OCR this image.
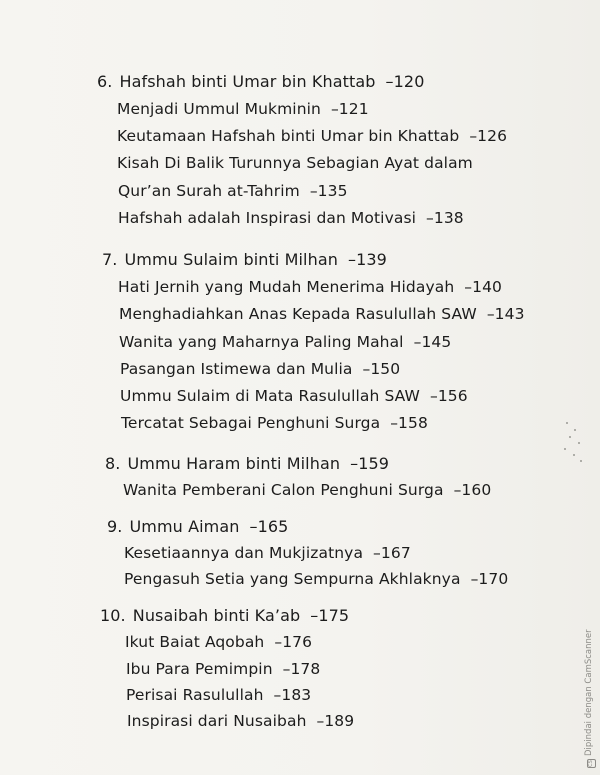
6. Hafshah binti Umar bin Khattab –120
Menjadi Ummul Mukminin –121
Keutamaan Hafshah binti Umar bin Khattab –126
Kisah Di Balik Turunnya Sebagian Ayat dalam
Qur’an Surah at-Tahrim –135
Hafshah adalah Inspirasi dan Motivasi –138
7. Ummu Sulaim binti Milhan –139
Hati Jernih yang Mudah Menerima Hidayah –140
Menghadiahkan Anas Kepada Rasulullah SAW –143
Wanita yang Maharnya Paling Mahal –145
Pasangan Istimewa dan Mulia –150
Ummu Sulaim di Mata Rasulullah SAW –156
Tercatat Sebagai Penghuni Surga –158
8. Ummu Haram binti Milhan –159
Wanita Pemberani Calon Penghuni Surga –160
9. Ummu Aiman –165
Kesetiaannya dan Mukjizatnya –167
Pengasuh Setia yang Sempurna Akhlaknya –170
10. Nusaibah binti Ka’ab –175
Ikut Baiat Aqobah –176
Ibu Para Pemimpin –178
Perisai Rasulullah –183
Inspirasi dari Nusaibah –189
CSDipindai dengan CamScanner
